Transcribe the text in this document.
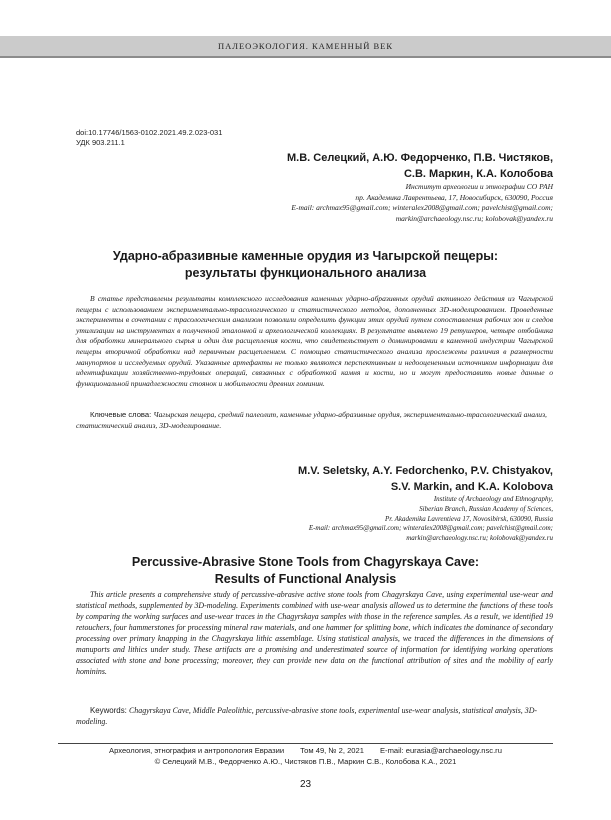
ПАЛЕОЭКОЛОГИЯ. КАМЕННЫЙ ВЕК
doi:10.17746/1563-0102.2021.49.2.023-031
УДК 903.211.1
М.В. Селецкий, А.Ю. Федорченко, П.В. Чистяков,
С.В. Маркин, К.А. Колобова
Институт археологии и этнографии СО РАН
пр. Академика Лаврентьева, 17, Новосибирск, 630090, Россия
E-mail: archmax95@gmail.com; winteralex2008@gmail.com; pavelchist@gmail.com;
markin@archaeology.nsc.ru; kolobovak@yandex.ru
Ударно-абразивные каменные орудия из Чагырской пещеры:
результаты функционального анализа
В статье представлены результаты комплексного исследования каменных ударно-абразивных орудий активного действия из Чагырской пещеры с использованием экспериментально-трасологического и статистического методов, дополненных 3D-моделированием. Проведенные эксперименты в сочетании с трасологическим анализом позволили определить функции этих орудий путем сопоставления рабочих зон и следов утилизации на инструментах в полученной эталонной и археологической коллекциях. В результате выявлено 19 ретушеров, четыре отбойника для обработки минерального сырья и один для расщепления кости, что свидетельствует о доминировании в каменной индустрии Чагырской пещеры вторичной обработки над первичным расщеплением. С помощью статистического анализа прослежены различия в размерности манупортов и исследуемых орудий. Указанные артефакты не только являются перспективным и недооцененным источником информации для идентификации хозяйственно-трудовых операций, связанных с обработкой камня и кости, но и могут предоставить новые данные о функциональной принадлежности стоянок и мобильности древних гоминин.
Ключевые слова: Чагырская пещера, средний палеолит, каменные ударно-абразивные орудия, экспериментально-трасологический анализ, статистический анализ, 3D-моделирование.
M.V. Seletsky, A.Y. Fedorchenko, P.V. Chistyakov,
S.V. Markin, and K.A. Kolobova
Institute of Archaeology and Ethnography,
Siberian Branch, Russian Academy of Sciences,
Pr. Akademika Lavrentieva 17, Novosibirsk, 630090, Russia
E-mail: archmax95@gmail.com; winteralex2008@gmail.com; pavelchist@gmail.com;
markin@archaeology.nsc.ru; kolobovak@yandex.ru
Percussive-Abrasive Stone Tools from Chagyrskaya Cave:
Results of Functional Analysis
This article presents a comprehensive study of percussive-abrasive active stone tools from Chagyrskaya Cave, using experimental use-wear and statistical methods, supplemented by 3D-modeling. Experiments combined with use-wear analysis allowed us to determine the functions of these tools by comparing the working surfaces and use-wear traces in the Chagyrskaya samples with those in the reference samples. As a result, we identified 19 retouchers, four hammerstones for processing mineral raw materials, and one hammer for splitting bone, which indicates the dominance of secondary processing over primary knapping in the Chagyrskaya lithic assemblage. Using statistical analysis, we traced the differences in the dimensions of manuports and lithics under study. These artifacts are a promising and underestimated source of information for identifying working operations associated with stone and bone processing; moreover, they can provide new data on the functional attribution of sites and the mobility of early hominins.
Keywords: Chagyrskaya Cave, Middle Paleolithic, percussive-abrasive stone tools, experimental use-wear analysis, statistical analysis, 3D-modeling.
Археология, этнография и антропология Евразии Том 49, № 2, 2021 E-mail: eurasia@archaeology.nsc.ru
© Селецкий М.В., Федорченко А.Ю., Чистяков П.В., Маркин С.В., Колобова К.А., 2021
23
